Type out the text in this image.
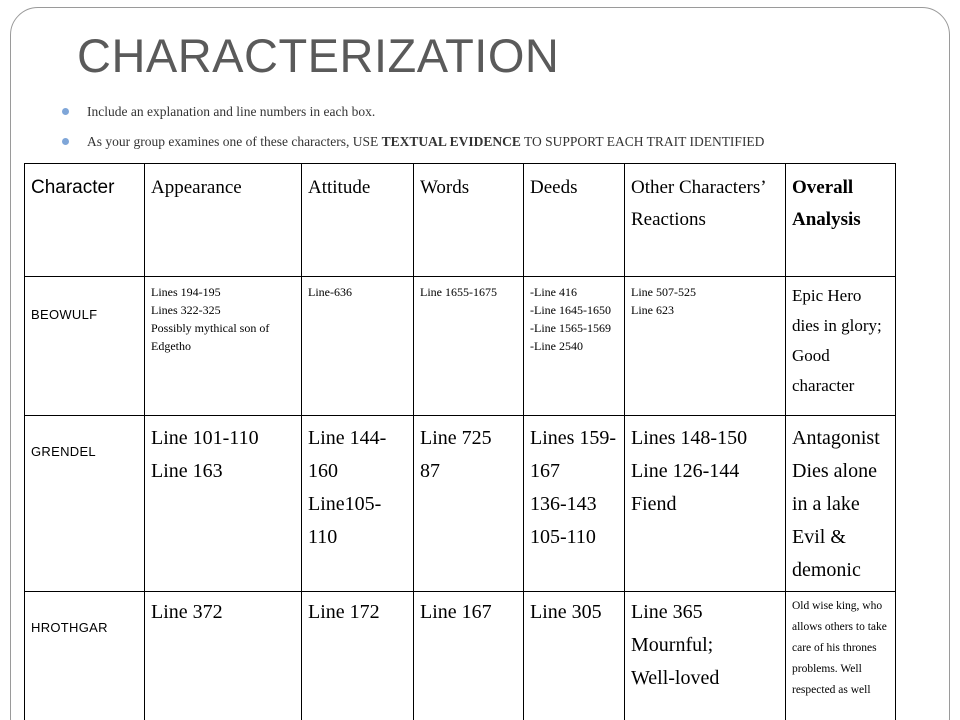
CHARACTERIZATION
Include an explanation and line numbers in each box.
As your group examines one of these characters, USE TEXTUAL EVIDENCE TO SUPPORT EACH TRAIT IDENTIFIED
Character	Appearance	Attitude	Words	Deeds	Other Characters’ Reactions	Overall Analysis

BEOWULF	Lines 194-195
Lines 322-325
Possibly mythical son of Edgetho	Line-636	Line 1655-1675	-Line 416
-Line 1645-1650
-Line 1565-1569
-Line 2540	Line 507-525
Line 623	Epic Hero dies in glory; Good character

GRENDEL	Line 101-110
Line 163	Line 144-160
Line105-110	Line 725
87	Lines 159-167
136-143
105-110	Lines 148-150
Line 126-144
Fiend	Antagonist Dies alone in a lake Evil & demonic

HROTHGAR	Line 372	Line 172	Line 167	Line 305	Line 365
Mournful;
Well-loved	Old wise king, who allows others to take care of his thrones problems. Well respected as well
